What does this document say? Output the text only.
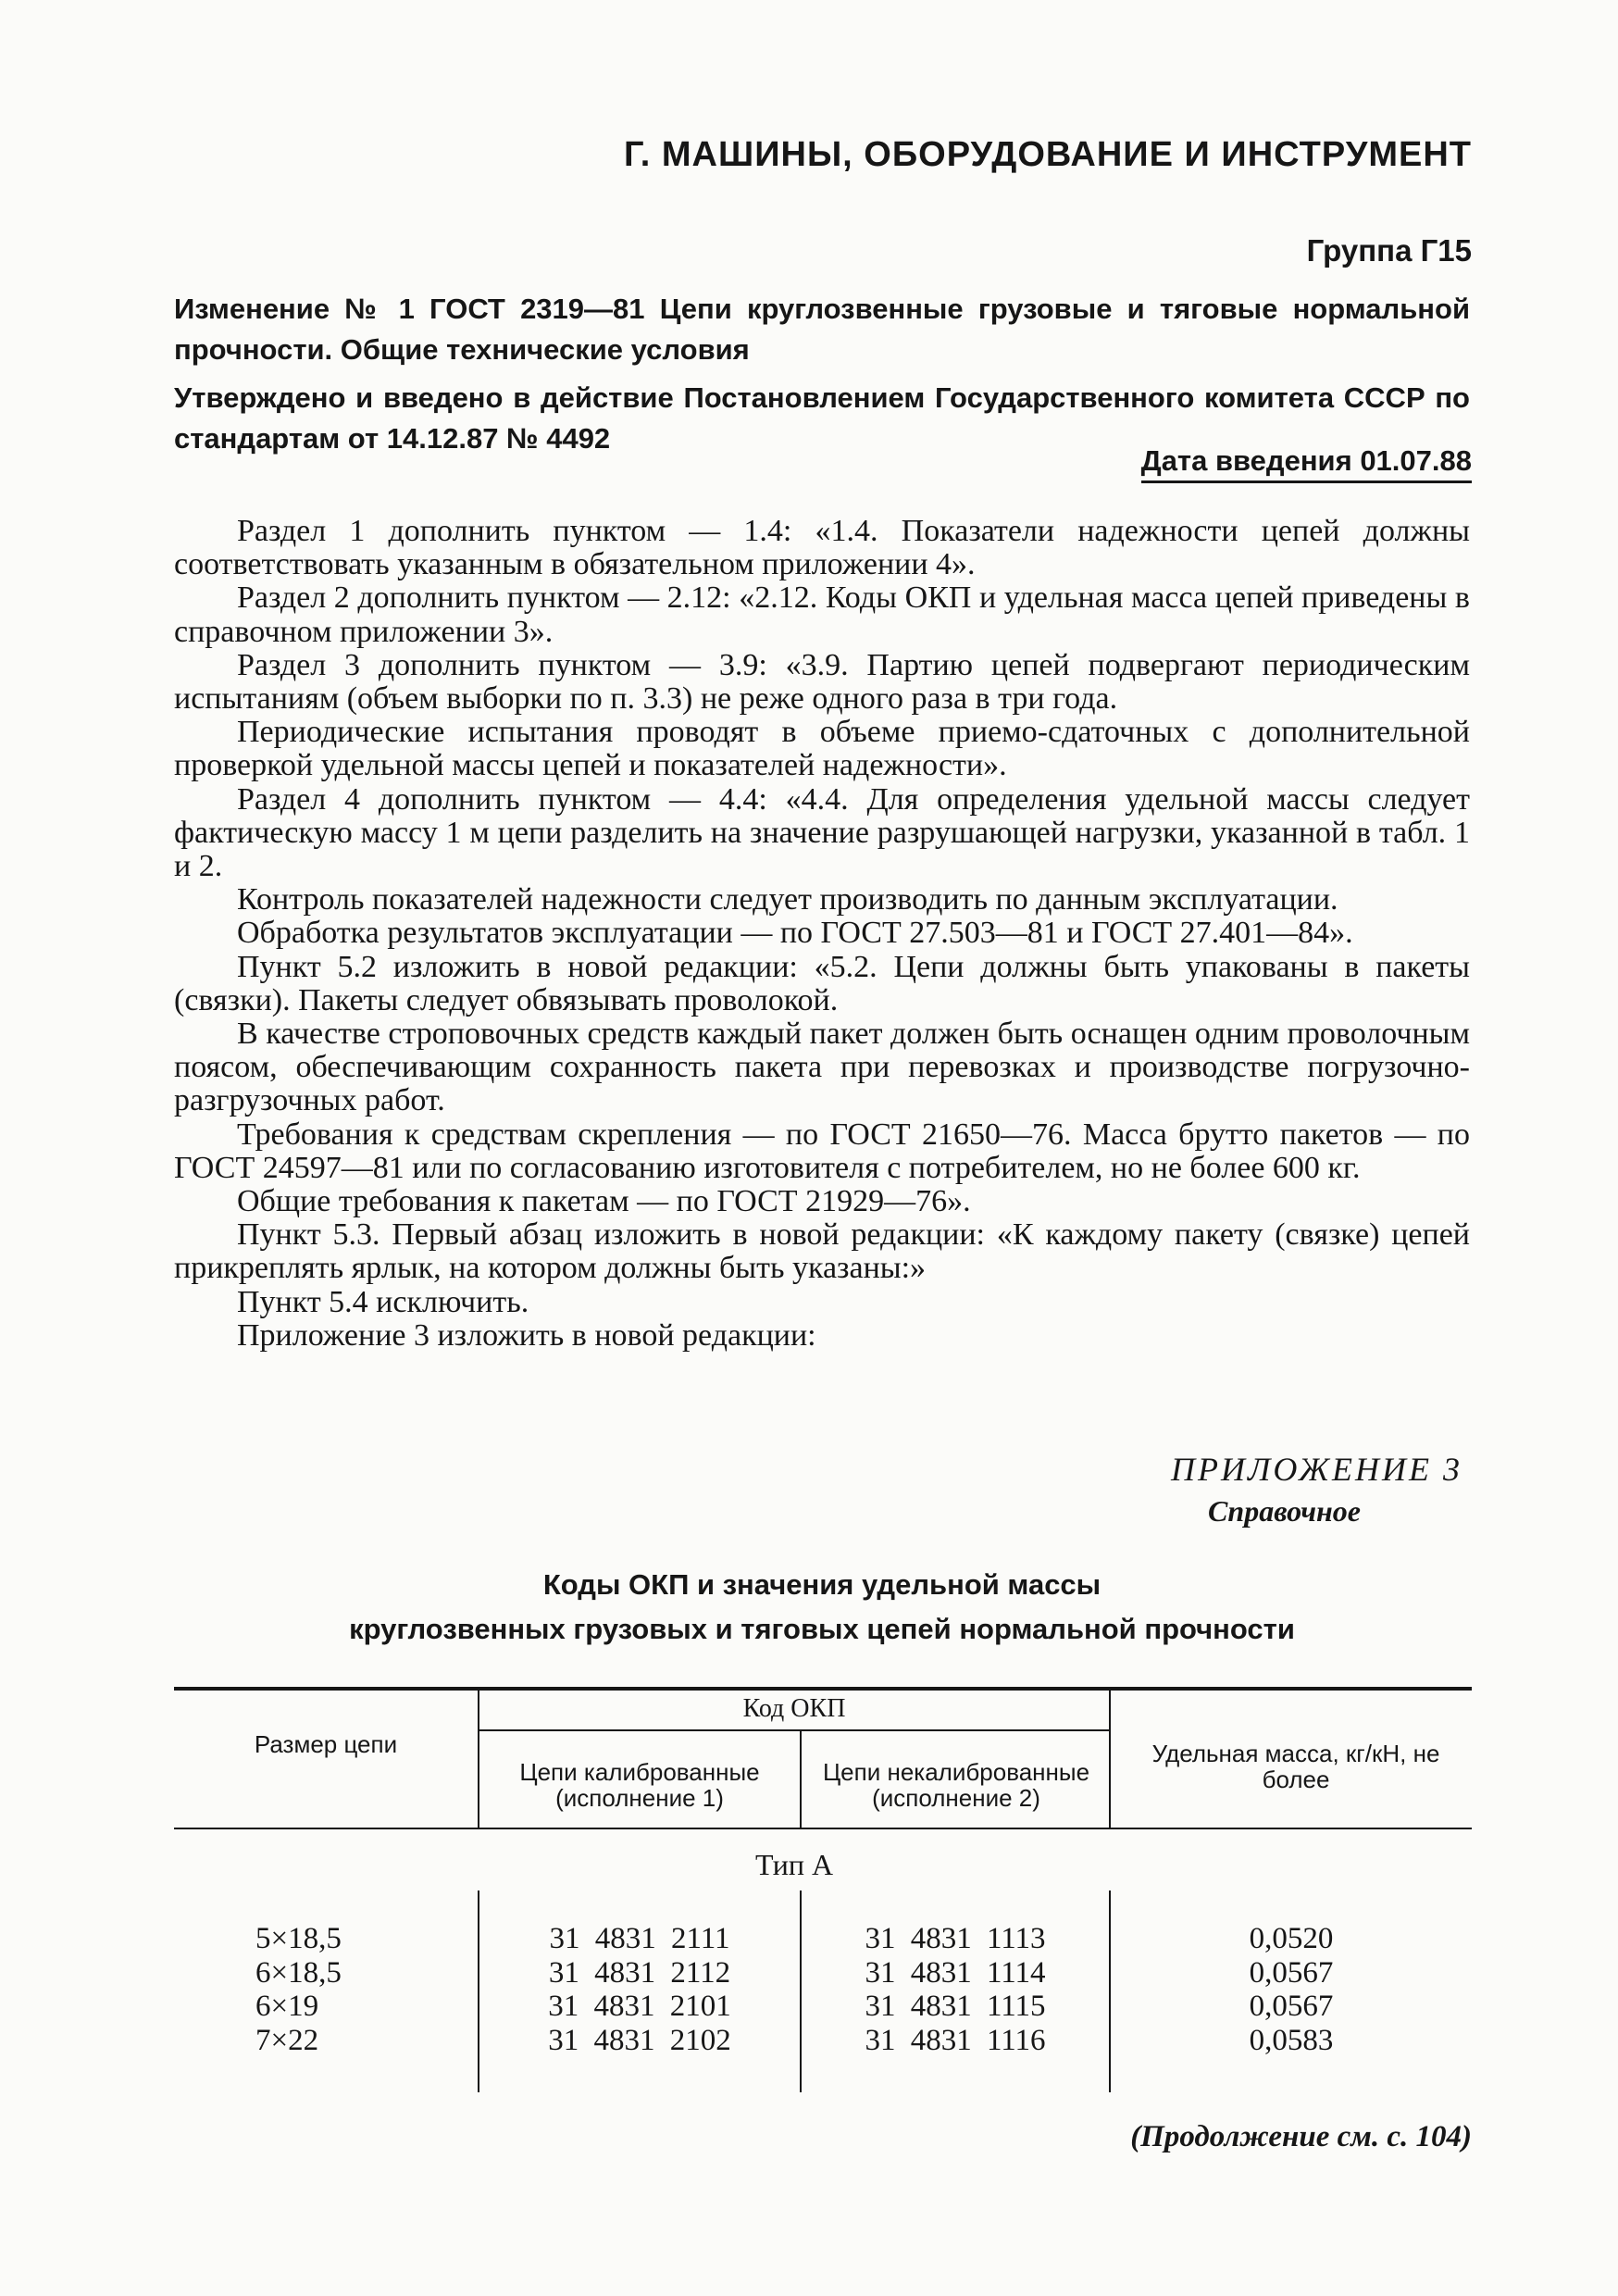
Г. МАШИНЫ, ОБОРУДОВАНИЕ И ИНСТРУМЕНТ
Группа Г15
Изменение № 1 ГОСТ 2319—81 Цепи круглозвенные грузовые и тяговые нормальной прочности. Общие технические условия
Утверждено и введено в действие Постановлением Государственного комитета СССР по стандартам от 14.12.87 № 4492
Дата введения 01.07.88

Раздел 1 дополнить пунктом — 1.4: «1.4. Показатели надежности цепей должны соответствовать указанным в обязательном приложении 4».

Раздел 2 дополнить пунктом — 2.12: «2.12. Коды ОКП и удельная масса цепей приведены в справочном приложении 3».

Раздел 3 дополнить пунктом — 3.9: «3.9. Партию цепей подвергают периодическим испытаниям (объем выборки по п. 3.3) не реже одного раза в три года.

Периодические испытания проводят в объеме приемо-сдаточных с дополнительной проверкой удельной массы цепей и показателей надежности».

Раздел 4 дополнить пунктом — 4.4: «4.4. Для определения удельной массы следует фактическую массу 1 м цепи разделить на значение разрушающей нагрузки, указанной в табл. 1 и 2.

Контроль показателей надежности следует производить по данным эксплуатации.

Обработка результатов эксплуатации — по ГОСТ 27.503—81 и ГОСТ 27.401—84».

Пункт 5.2 изложить в новой редакции: «5.2. Цепи должны быть упакованы в пакеты (связки). Пакеты следует обвязывать проволокой.

В качестве строповочных средств каждый пакет должен быть оснащен одним проволочным поясом, обеспечивающим сохранность пакета при перевозках и производстве погрузочно-разгрузочных работ.

Требования к средствам скрепления — по ГОСТ 21650—76. Масса брутто пакетов — по ГОСТ 24597—81 или по согласованию изготовителя с потребителем, но не более 600 кг.

Общие требования к пакетам — по ГОСТ 21929—76».

Пункт 5.3. Первый абзац изложить в новой редакции: «К каждому пакету (связке) цепей прикреплять ярлык, на котором должны быть указаны:»

Пункт 5.4 исключить.

Приложение 3 изложить в новой редакции:

ПРИЛОЖЕНИЕ 3
Справочное
Коды ОКП и значения удельной массы
круглозвенных грузовых и тяговых цепей нормальной прочности
Размер цепи
Код ОКП
Цепи калиброванные (исполнение 1)
Цепи некалиброванные (исполнение 2)
Удельная масса, кг/кН, не более
Тип А
5×18,5
6×18,5
6×19
7×22
31 4831 2111
31 4831 2112
31 4831 2101
31 4831 2102
31 4831 1113
31 4831 1114
31 4831 1115
31 4831 1116
0,0520
0,0567
0,0567
0,0583
(Продолжение см. с. 104)
